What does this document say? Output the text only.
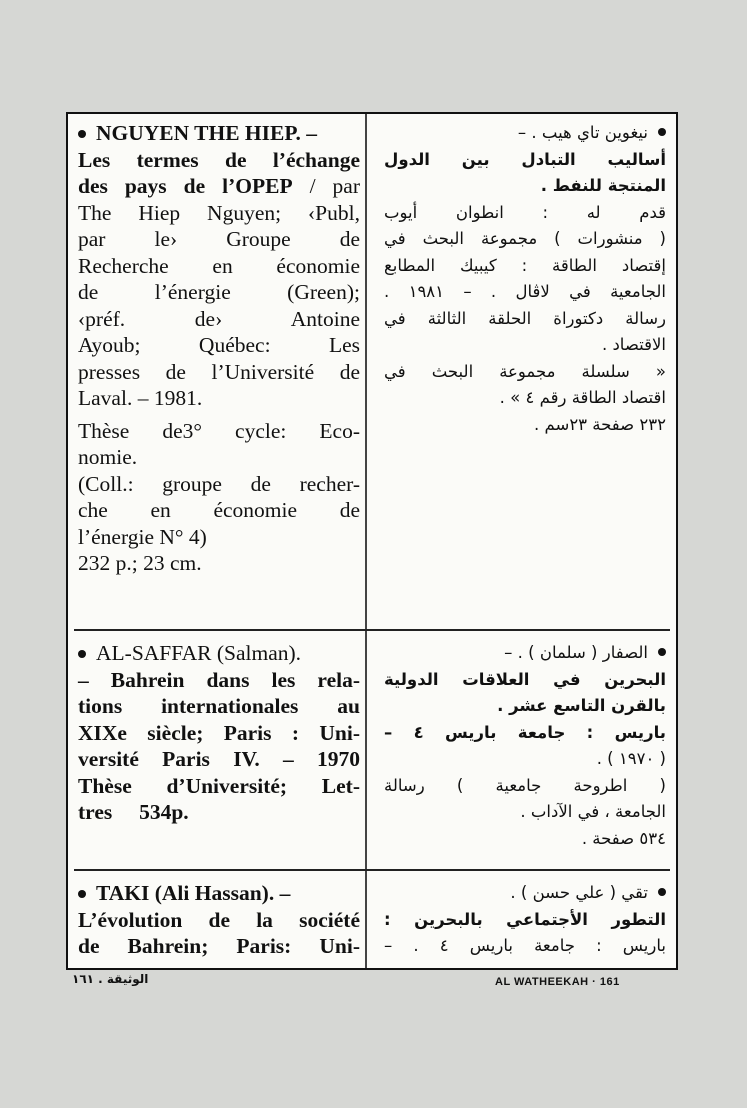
NGUYEN THE HIEP. –
Les termes de l’échange
des pays de l’OPEP / par
The Hiep Nguyen; ‹Publ,
par le› Groupe de
Recherche en économie
de l’énergie (Green);
‹préf. de› Antoine
Ayoub; Québec: Les
presses de l’Université de
Laval. – 1981.
Thèse de3° cycle: Eco-
nomie.
(Coll.: groupe de recher-
che en économie de
l’énergie N° 4)
232 p.; 23 cm.
نيغوين تاي هيب . –
أساليب التبادل بين الدول
المنتجة للنفط .
قدم له : انطوان أيوب
( منشورات ) مجموعة البحث في
إقتصاد الطاقة : كيبيك المطابع
الجامعية في لاڤال . – ١٩٨١ .
رسالة دكتوراة الحلقة الثالثة في
الاقتصاد .
« سلسلة مجموعة البحث في
اقتصاد الطاقة رقم ٤ » .
٢٣٢ صفحة ٢٣سم .
AL-SAFFAR (Salman).
– Bahrein dans les rela-
tions internationales au
XIXe siècle; Paris : Uni-
versité Paris IV. – 1970
Thèse d’Université; Let-
tres     534p.
الصفار ( سلمان ) . –
البحرين في العلاقات الدولية
بالقرن التاسع عشر .
باريس : جامعة باريس ٤ –
( ١٩٧٠ ) .
( اطروحة جامعية ) رسالة
الجامعة ، في الآداب .
٥٣٤ صفحة .
TAKI (Ali Hassan). –
L’évolution de la société
de Bahrein; Paris: Uni-
تقي ( علي حسن ) .
التطور الأجتماعي بالبحرين :
باريس : جامعة باريس ٤ . –
الوثيقة . ١٦١	AL WATHEEKAH · 161
